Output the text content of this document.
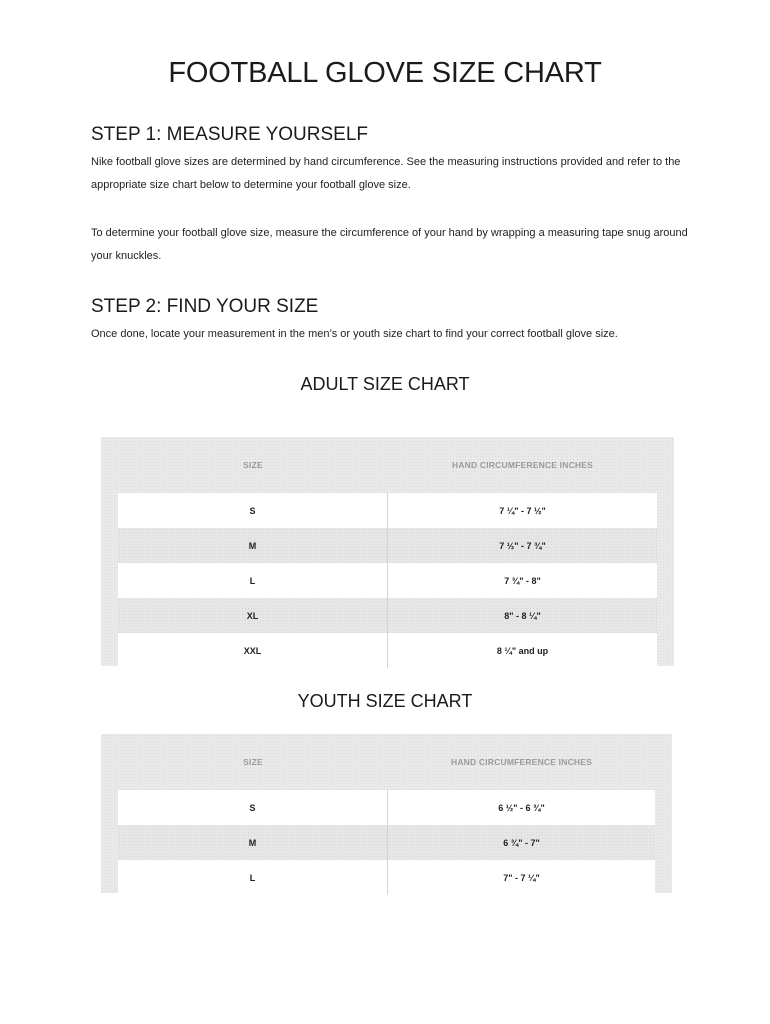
FOOTBALL GLOVE SIZE CHART
STEP 1: MEASURE YOURSELF

Nike football glove sizes are determined by hand circumference. See the measuring instructions provided and refer to the appropriate size chart below to determine your football glove size.

To determine your football glove size, measure the circumference of your hand by wrapping a measuring tape snug around your knuckles.

STEP 2: FIND YOUR SIZE

Once done, locate your measurement in the men’s or youth size chart to find your correct football glove size.

ADULT SIZE CHART
SIZE	HAND CIRCUMFERENCE INCHES
S	7 ¼" - 7 ½"
M	7 ½" - 7 ¾"
L	7 ¾" - 8"
XL	8" - 8 ¼"
XXL	8 ¼" and up
YOUTH SIZE CHART
SIZE	HAND CIRCUMFERENCE INCHES
S	6 ½" - 6 ¾"
M	6 ¾" - 7"
L	7" - 7 ¼"
